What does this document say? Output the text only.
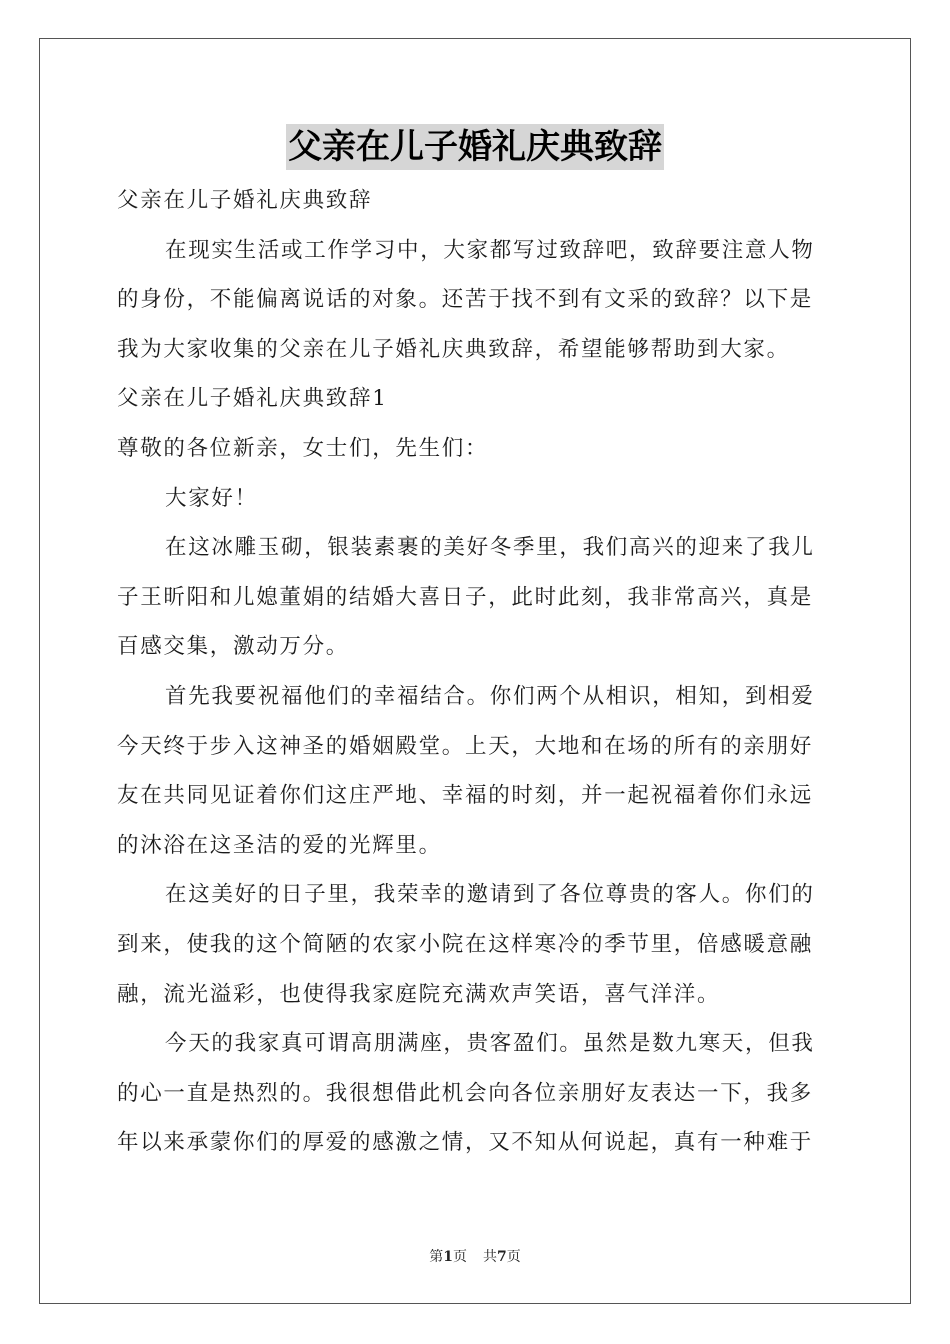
父亲在儿子婚礼庆典致辞
父亲在儿子婚礼庆典致辞
在现实生活或工作学习中，大家都写过致辞吧，致辞要注意人物
的身份，不能偏离说话的对象。还苦于找不到有文采的致辞？以下是
我为大家收集的父亲在儿子婚礼庆典致辞，希望能够帮助到大家。
父亲在儿子婚礼庆典致辞1
尊敬的各位新亲，女士们，先生们：
大家好！
在这冰雕玉砌，银装素裹的美好冬季里，我们高兴的迎来了我儿
子王昕阳和儿媳董娟的结婚大喜日子，此时此刻，我非常高兴，真是
百感交集，激动万分。
首先我要祝福他们的幸福结合。你们两个从相识，相知，到相爱
今天终于步入这神圣的婚姻殿堂。上天，大地和在场的所有的亲朋好
友在共同见证着你们这庄严地、幸福的时刻，并一起祝福着你们永远
的沐浴在这圣洁的爱的光辉里。
在这美好的日子里，我荣幸的邀请到了各位尊贵的客人。你们的
到来，使我的这个简陋的农家小院在这样寒冷的季节里，倍感暖意融
融，流光溢彩，也使得我家庭院充满欢声笑语，喜气洋洋。
今天的我家真可谓高朋满座，贵客盈们。虽然是数九寒天，但我
的心一直是热烈的。我很想借此机会向各位亲朋好友表达一下，我多
年以来承蒙你们的厚爱的感激之情，又不知从何说起，真有一种难于
第1页 共7页
